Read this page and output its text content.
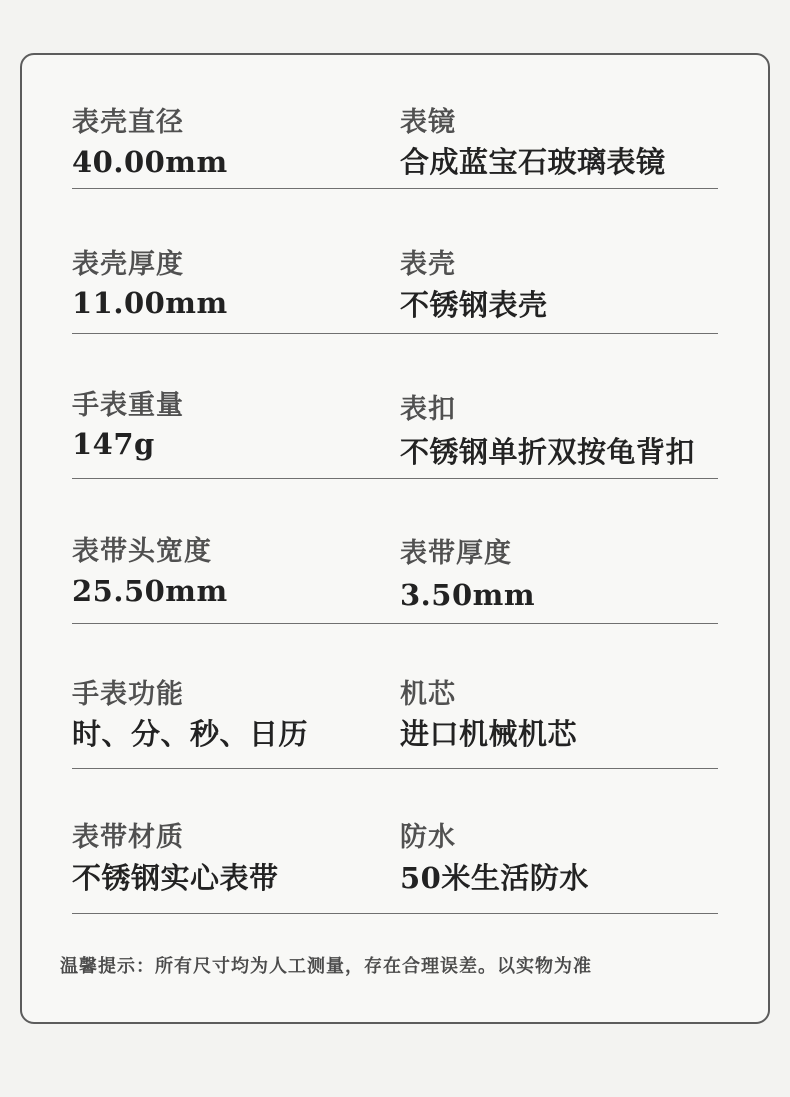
表壳直径
40.00mm
表镜
合成蓝宝石玻璃表镜
表壳厚度
11.00mm
表壳
不锈钢表壳
手表重量
147g
表扣
不锈钢单折双按龟背扣
表带头宽度
25.50mm
表带厚度
3.50mm
手表功能
时、分、秒、日历
机芯
进口机械机芯
表带材质
不锈钢实心表带
防水
50米生活防水
温馨提示：所有尺寸均为人工测量，存在合理误差。以实物为准
